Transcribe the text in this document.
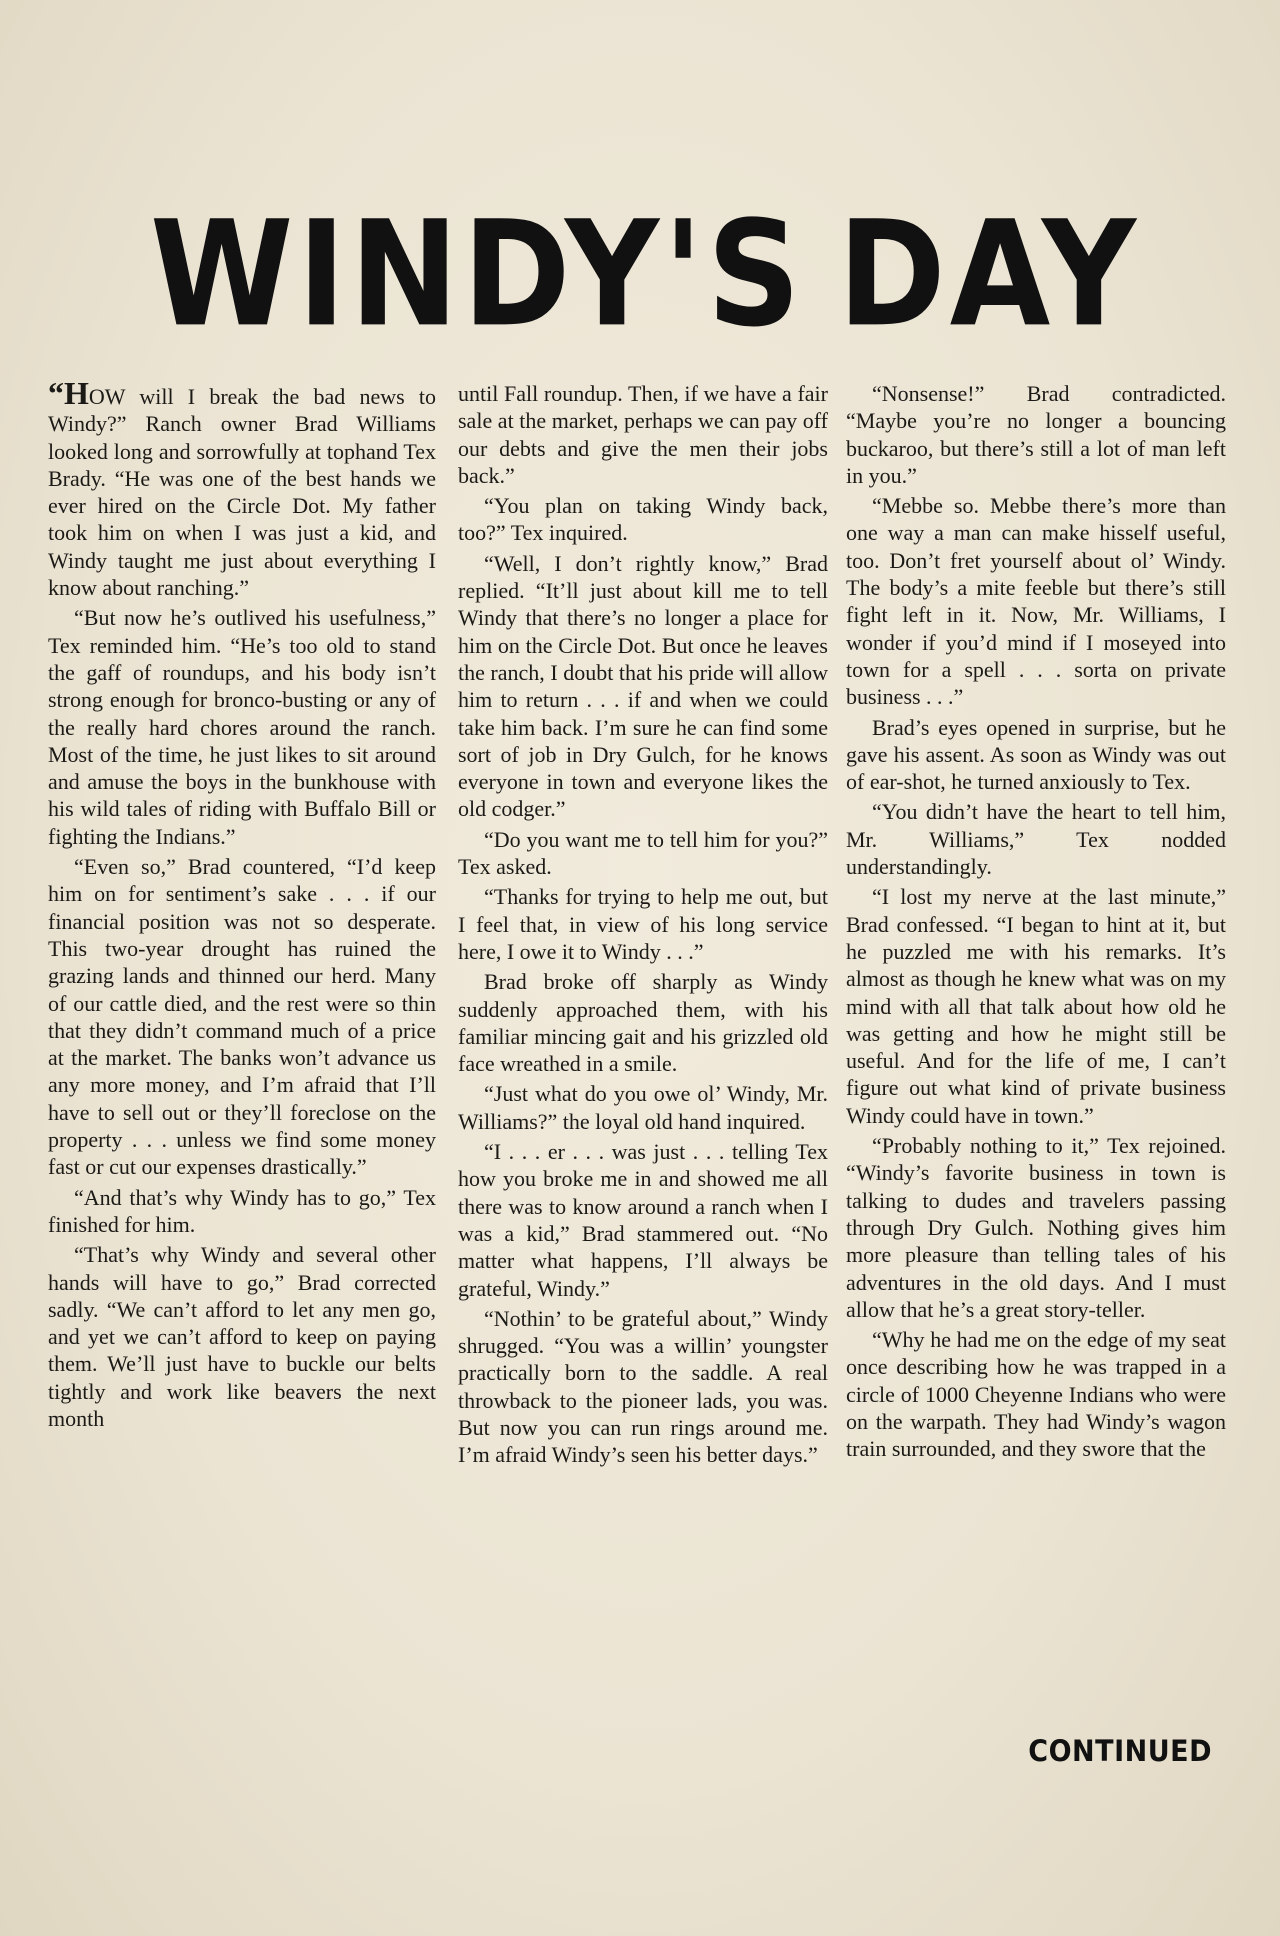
WINDY'S DAY

“HOW will I break the bad news to Windy?” Ranch owner Brad Williams looked long and sorrowfully at tophand Tex Brady. “He was one of the best hands we ever hired on the Circle Dot. My father took him on when I was just a kid, and Windy taught me just about everything I know about ranching.”

“But now he’s outlived his usefulness,” Tex reminded him. “He’s too old to stand the gaff of roundups, and his body isn’t strong enough for bronco-busting or any of the really hard chores around the ranch. Most of the time, he just likes to sit around and amuse the boys in the bunkhouse with his wild tales of riding with Buffalo Bill or fighting the Indians.”

“Even so,” Brad countered, “I’d keep him on for sentiment’s sake . . . if our financial position was not so desperate. This two-year drought has ruined the grazing lands and thinned our herd. Many of our cattle died, and the rest were so thin that they didn’t command much of a price at the market. The banks won’t advance us any more money, and I’m afraid that I’ll have to sell out or they’ll foreclose on the property . . . unless we find some money fast or cut our expenses drastically.”

“And that’s why Windy has to go,” Tex finished for him.

“That’s why Windy and several other hands will have to go,” Brad corrected sadly. “We can’t afford to let any men go, and yet we can’t afford to keep on paying them. We’ll just have to buckle our belts tightly and work like beavers the next month

until Fall roundup. Then, if we have a fair sale at the market, perhaps we can pay off our debts and give the men their jobs back.”

“You plan on taking Windy back, too?” Tex inquired.

“Well, I don’t rightly know,” Brad replied. “It’ll just about kill me to tell Windy that there’s no longer a place for him on the Circle Dot. But once he leaves the ranch, I doubt that his pride will allow him to return . . . if and when we could take him back. I’m sure he can find some sort of job in Dry Gulch, for he knows everyone in town and everyone likes the old codger.”

“Do you want me to tell him for you?” Tex asked.

“Thanks for trying to help me out, but I feel that, in view of his long service here, I owe it to Windy . . .”

Brad broke off sharply as Windy suddenly approached them, with his familiar mincing gait and his grizzled old face wreathed in a smile.

“Just what do you owe ol’ Windy, Mr. Williams?” the loyal old hand inquired.

“I . . . er . . . was just . . . telling Tex how you broke me in and showed me all there was to know around a ranch when I was a kid,” Brad stammered out. “No matter what happens, I’ll always be grateful, Windy.”

“Nothin’ to be grateful about,” Windy shrugged. “You was a willin’ youngster practically born to the saddle. A real throwback to the pioneer lads, you was. But now you can run rings around me. I’m afraid Windy’s seen his better days.”

“Nonsense!” Brad contradicted. “Maybe you’re no longer a bouncing buckaroo, but there’s still a lot of man left in you.”

“Mebbe so. Mebbe there’s more than one way a man can make hisself useful, too. Don’t fret yourself about ol’ Windy. The body’s a mite feeble but there’s still fight left in it. Now, Mr. Williams, I wonder if you’d mind if I moseyed into town for a spell . . . sorta on private business . . .”

Brad’s eyes opened in surprise, but he gave his assent. As soon as Windy was out of ear-shot, he turned anxiously to Tex.

“You didn’t have the heart to tell him, Mr. Williams,” Tex nodded understandingly.

“I lost my nerve at the last minute,” Brad confessed. “I began to hint at it, but he puzzled me with his remarks. It’s almost as though he knew what was on my mind with all that talk about how old he was getting and how he might still be useful. And for the life of me, I can’t figure out what kind of private business Windy could have in town.”

“Probably nothing to it,” Tex rejoined. “Windy’s favorite business in town is talking to dudes and travelers passing through Dry Gulch. Nothing gives him more pleasure than telling tales of his adventures in the old days. And I must allow that he’s a great story-teller.

“Why he had me on the edge of my seat once describing how he was trapped in a circle of 1000 Cheyenne Indians who were on the warpath. They had Windy’s wagon train surrounded, and they swore that the

CONTINUED
